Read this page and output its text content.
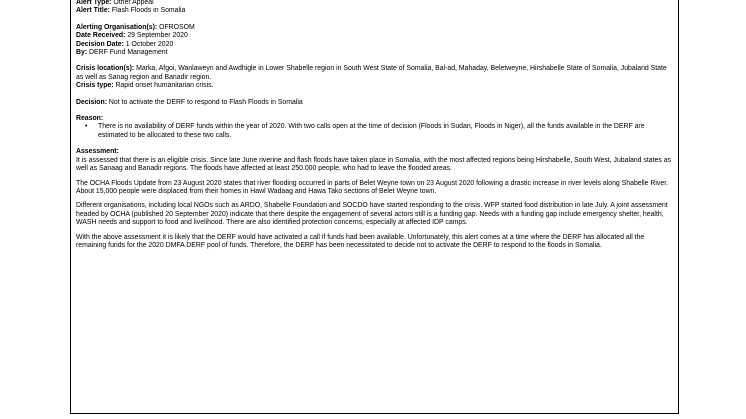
Alert Type: Other Appeal
Alert Title: Flash Floods in Somalia
Alerting Organisation(s): OFROSOM
Date Received: 29 September 2020
Decision Date: 1 October 2020
By: DERF Fund Management
Crisis location(s): Marka, Afgoi, Wanlaweyn and Awdhigle in Lower Shabelle region in South West State of Somalia, Bal-ad, Mahaday, Beletweyne, Hirshabelle State of Somalia, Jubaland State as well as Sanag region and Banadir region.
Crisis type: Rapid onset humanitarian crisis.
Decision: Not to activate the DERF to respond to Flash Floods in Somalia
Reason:
• There is no availability of DERF funds within the year of 2020. With two calls open at the time of decision (Floods in Sudan, Floods in Niger), all the funds available in the DERF are estimated to be allocated to these two calls.
Assessment:

It is assessed that there is an eligible crisis. Since late June riverine and flash floods have taken place in Somalia, with the most affected regions being Hirshabelle, South West, Jubaland states as well as Sanaag and Banadir regions. The floods have affected at least 250.000 people, who had to leave the flooded areas.

The OCHA Floods Update from 23 August 2020 states that river flooding occurred in parts of Belet Weyne town on 23 August 2020 following a drastic increase in river levels along Shabelle River. About 15,000 people were displaced from their homes in Hawl Wadaag and Hawa Tako sections of Belet Weyne town.

Different organisations, including local NGOs such as ARDO, Shabelle Foundation and SOCDO have started responding to the crisis. WFP started food distribution in late July. A joint assessment headed by OCHA (published 20 September 2020) indicate that there despite the engagement of several actors still is a funding gap. Needs with a funding gap include emergency shelter, health, WASH needs and support to food and livelihood. There are also identified protection concerns, especially at affected IDP camps.

With the above assessment it is likely that the DERF would have activated a call if funds had been available. Unfortunately, this alert comes at a time where the DERF has allocated all the remaining funds for the 2020 DMFA DERF pool of funds. Therefore, the DERF has been necessitated to decide not to activate the DERF to respond to the floods in Somalia.
